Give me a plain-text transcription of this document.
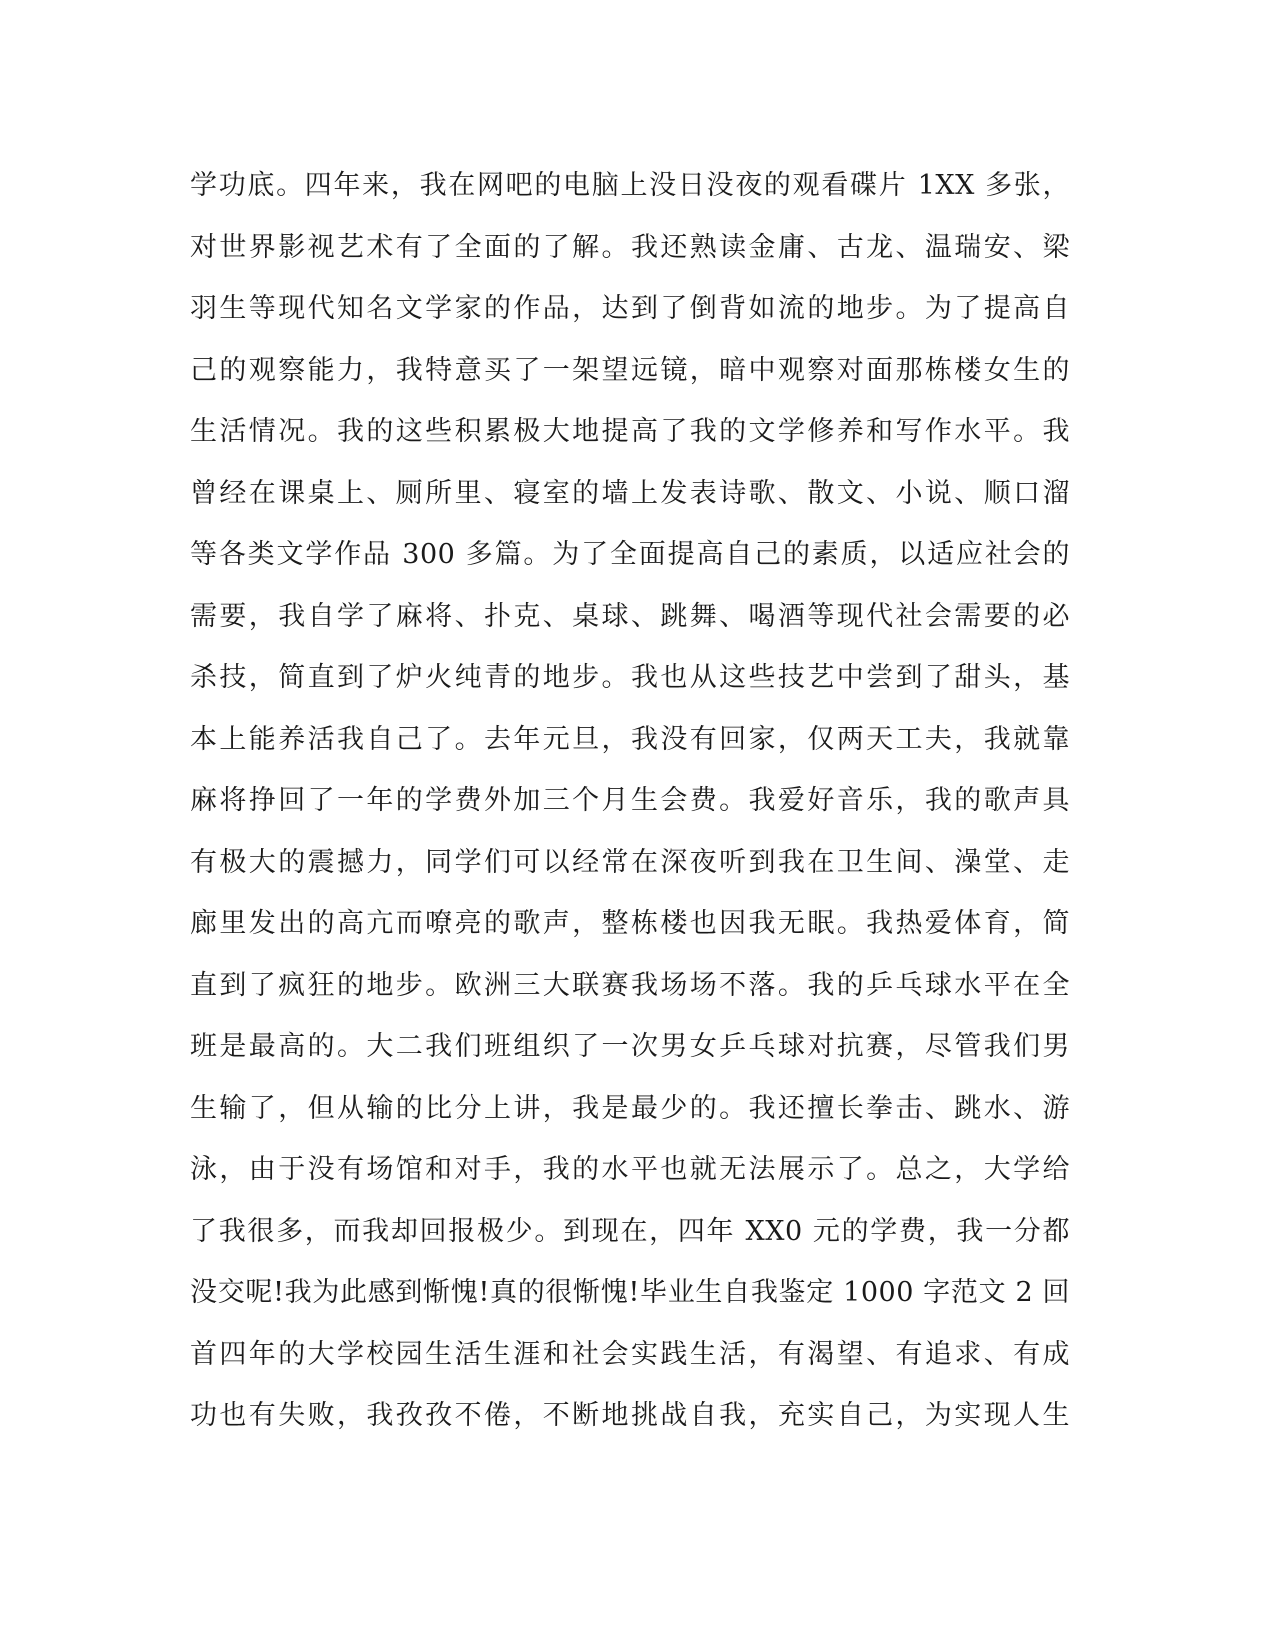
学功底。四年来，我在网吧的电脑上没日没夜的观看碟片 1XX 多张，
对世界影视艺术有了全面的了解。我还熟读金庸、古龙、温瑞安、梁
羽生等现代知名文学家的作品，达到了倒背如流的地步。为了提高自
己的观察能力，我特意买了一架望远镜，暗中观察对面那栋楼女生的
生活情况。我的这些积累极大地提高了我的文学修养和写作水平。我
曾经在课桌上、厕所里、寝室的墙上发表诗歌、散文、小说、顺口溜
等各类文学作品 300 多篇。为了全面提高自己的素质，以适应社会的
需要，我自学了麻将、扑克、桌球、跳舞、喝酒等现代社会需要的必
杀技，简直到了炉火纯青的地步。我也从这些技艺中尝到了甜头，基
本上能养活我自己了。去年元旦，我没有回家，仅两天工夫，我就靠
麻将挣回了一年的学费外加三个月生会费。我爱好音乐，我的歌声具
有极大的震撼力，同学们可以经常在深夜听到我在卫生间、澡堂、走
廊里发出的高亢而嘹亮的歌声，整栋楼也因我无眠。我热爱体育，简
直到了疯狂的地步。欧洲三大联赛我场场不落。我的乒乓球水平在全
班是最高的。大二我们班组织了一次男女乒乓球对抗赛，尽管我们男
生输了，但从输的比分上讲，我是最少的。我还擅长拳击、跳水、游
泳，由于没有场馆和对手，我的水平也就无法展示了。总之，大学给
了我很多，而我却回报极少。到现在，四年 XX0 元的学费，我一分都
没交呢!我为此感到惭愧!真的很惭愧!毕业生自我鉴定 1000 字范文 2 回
首四年的大学校园生活生涯和社会实践生活，有渴望、有追求、有成
功也有失败，我孜孜不倦，不断地挑战自我，充实自己，为实现人生
